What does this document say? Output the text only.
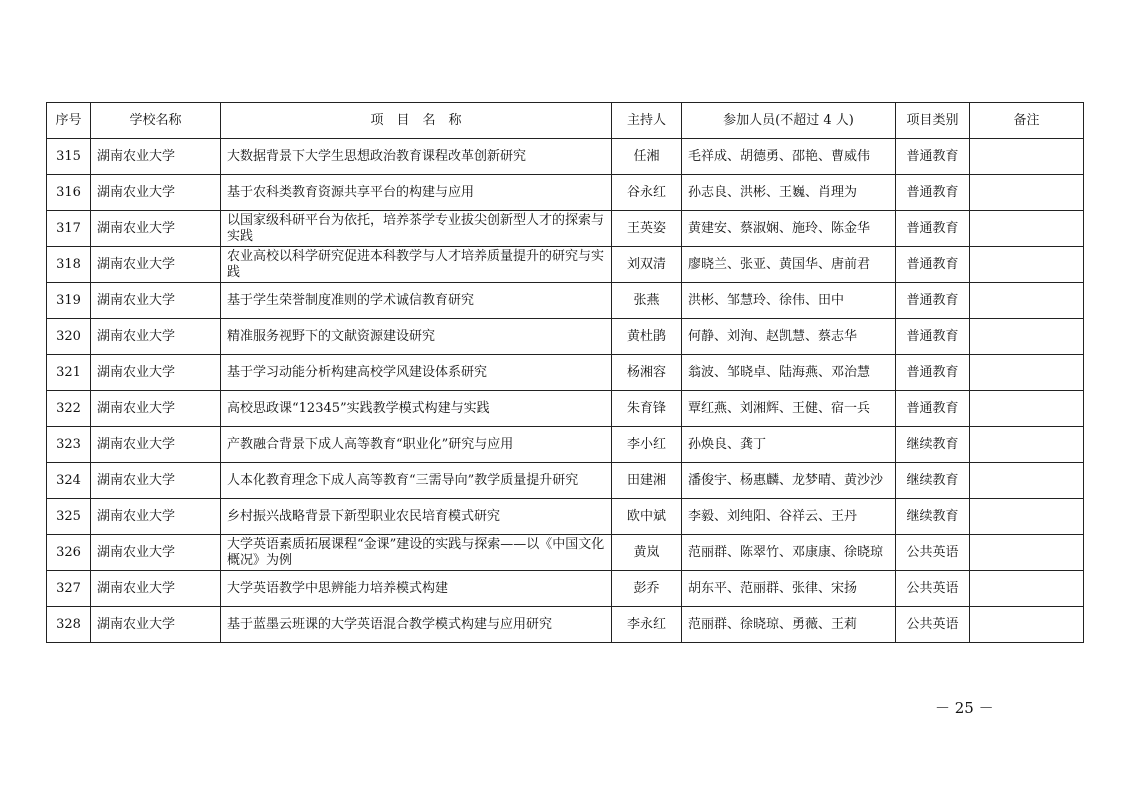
序号	学校名称	项　目　名　称	主持人	参加人员(不超过 4 人)	项目类别	备注
315	湖南农业大学	大数据背景下大学生思想政治教育课程改革创新研究	任湘	毛祥成、胡德勇、邵艳、曹威伟	普通教育	
316	湖南农业大学	基于农科类教育资源共享平台的构建与应用	谷永红	孙志良、洪彬、王巍、肖理为	普通教育	
317	湖南农业大学	以国家级科研平台为依托，培养茶学专业拔尖创新型人才的探索与实践	王英姿	黄建安、蔡淑娴、施玲、陈金华	普通教育	
318	湖南农业大学	农业高校以科学研究促进本科教学与人才培养质量提升的研究与实践	刘双清	廖晓兰、张亚、黄国华、唐前君	普通教育	
319	湖南农业大学	基于学生荣誉制度准则的学术诚信教育研究	张燕	洪彬、邹慧玲、徐伟、田中	普通教育	
320	湖南农业大学	精准服务视野下的文献资源建设研究	黄杜鹃	何静、刘洵、赵凯慧、蔡志华	普通教育	
321	湖南农业大学	基于学习动能分析构建高校学风建设体系研究	杨湘容	翁波、邹晓卓、陆海燕、邓治慧	普通教育	
322	湖南农业大学	高校思政课“12345”实践教学模式构建与实践	朱育锋	覃红燕、刘湘辉、王健、宿一兵	普通教育	
323	湖南农业大学	产教融合背景下成人高等教育“职业化”研究与应用	李小红	孙焕良、龚丁	继续教育	
324	湖南农业大学	人本化教育理念下成人高等教育“三需导向”教学质量提升研究	田建湘	潘俊宇、杨惠麟、龙梦晴、黄沙沙	继续教育	
325	湖南农业大学	乡村振兴战略背景下新型职业农民培育模式研究	欧中斌	李毅、刘纯阳、谷祥云、王丹	继续教育	
326	湖南农业大学	大学英语素质拓展课程“金课”建设的实践与探索——以《中国文化概况》为例	黄岚	范丽群、陈翠竹、邓康康、徐晓琼	公共英语	
327	湖南农业大学	大学英语教学中思辨能力培养模式构建	彭乔	胡东平、范丽群、张律、宋扬	公共英语	
328	湖南农业大学	基于蓝墨云班课的大学英语混合教学模式构建与应用研究	李永红	范丽群、徐晓琼、勇薇、王莉	公共英语	
－ 25 －
